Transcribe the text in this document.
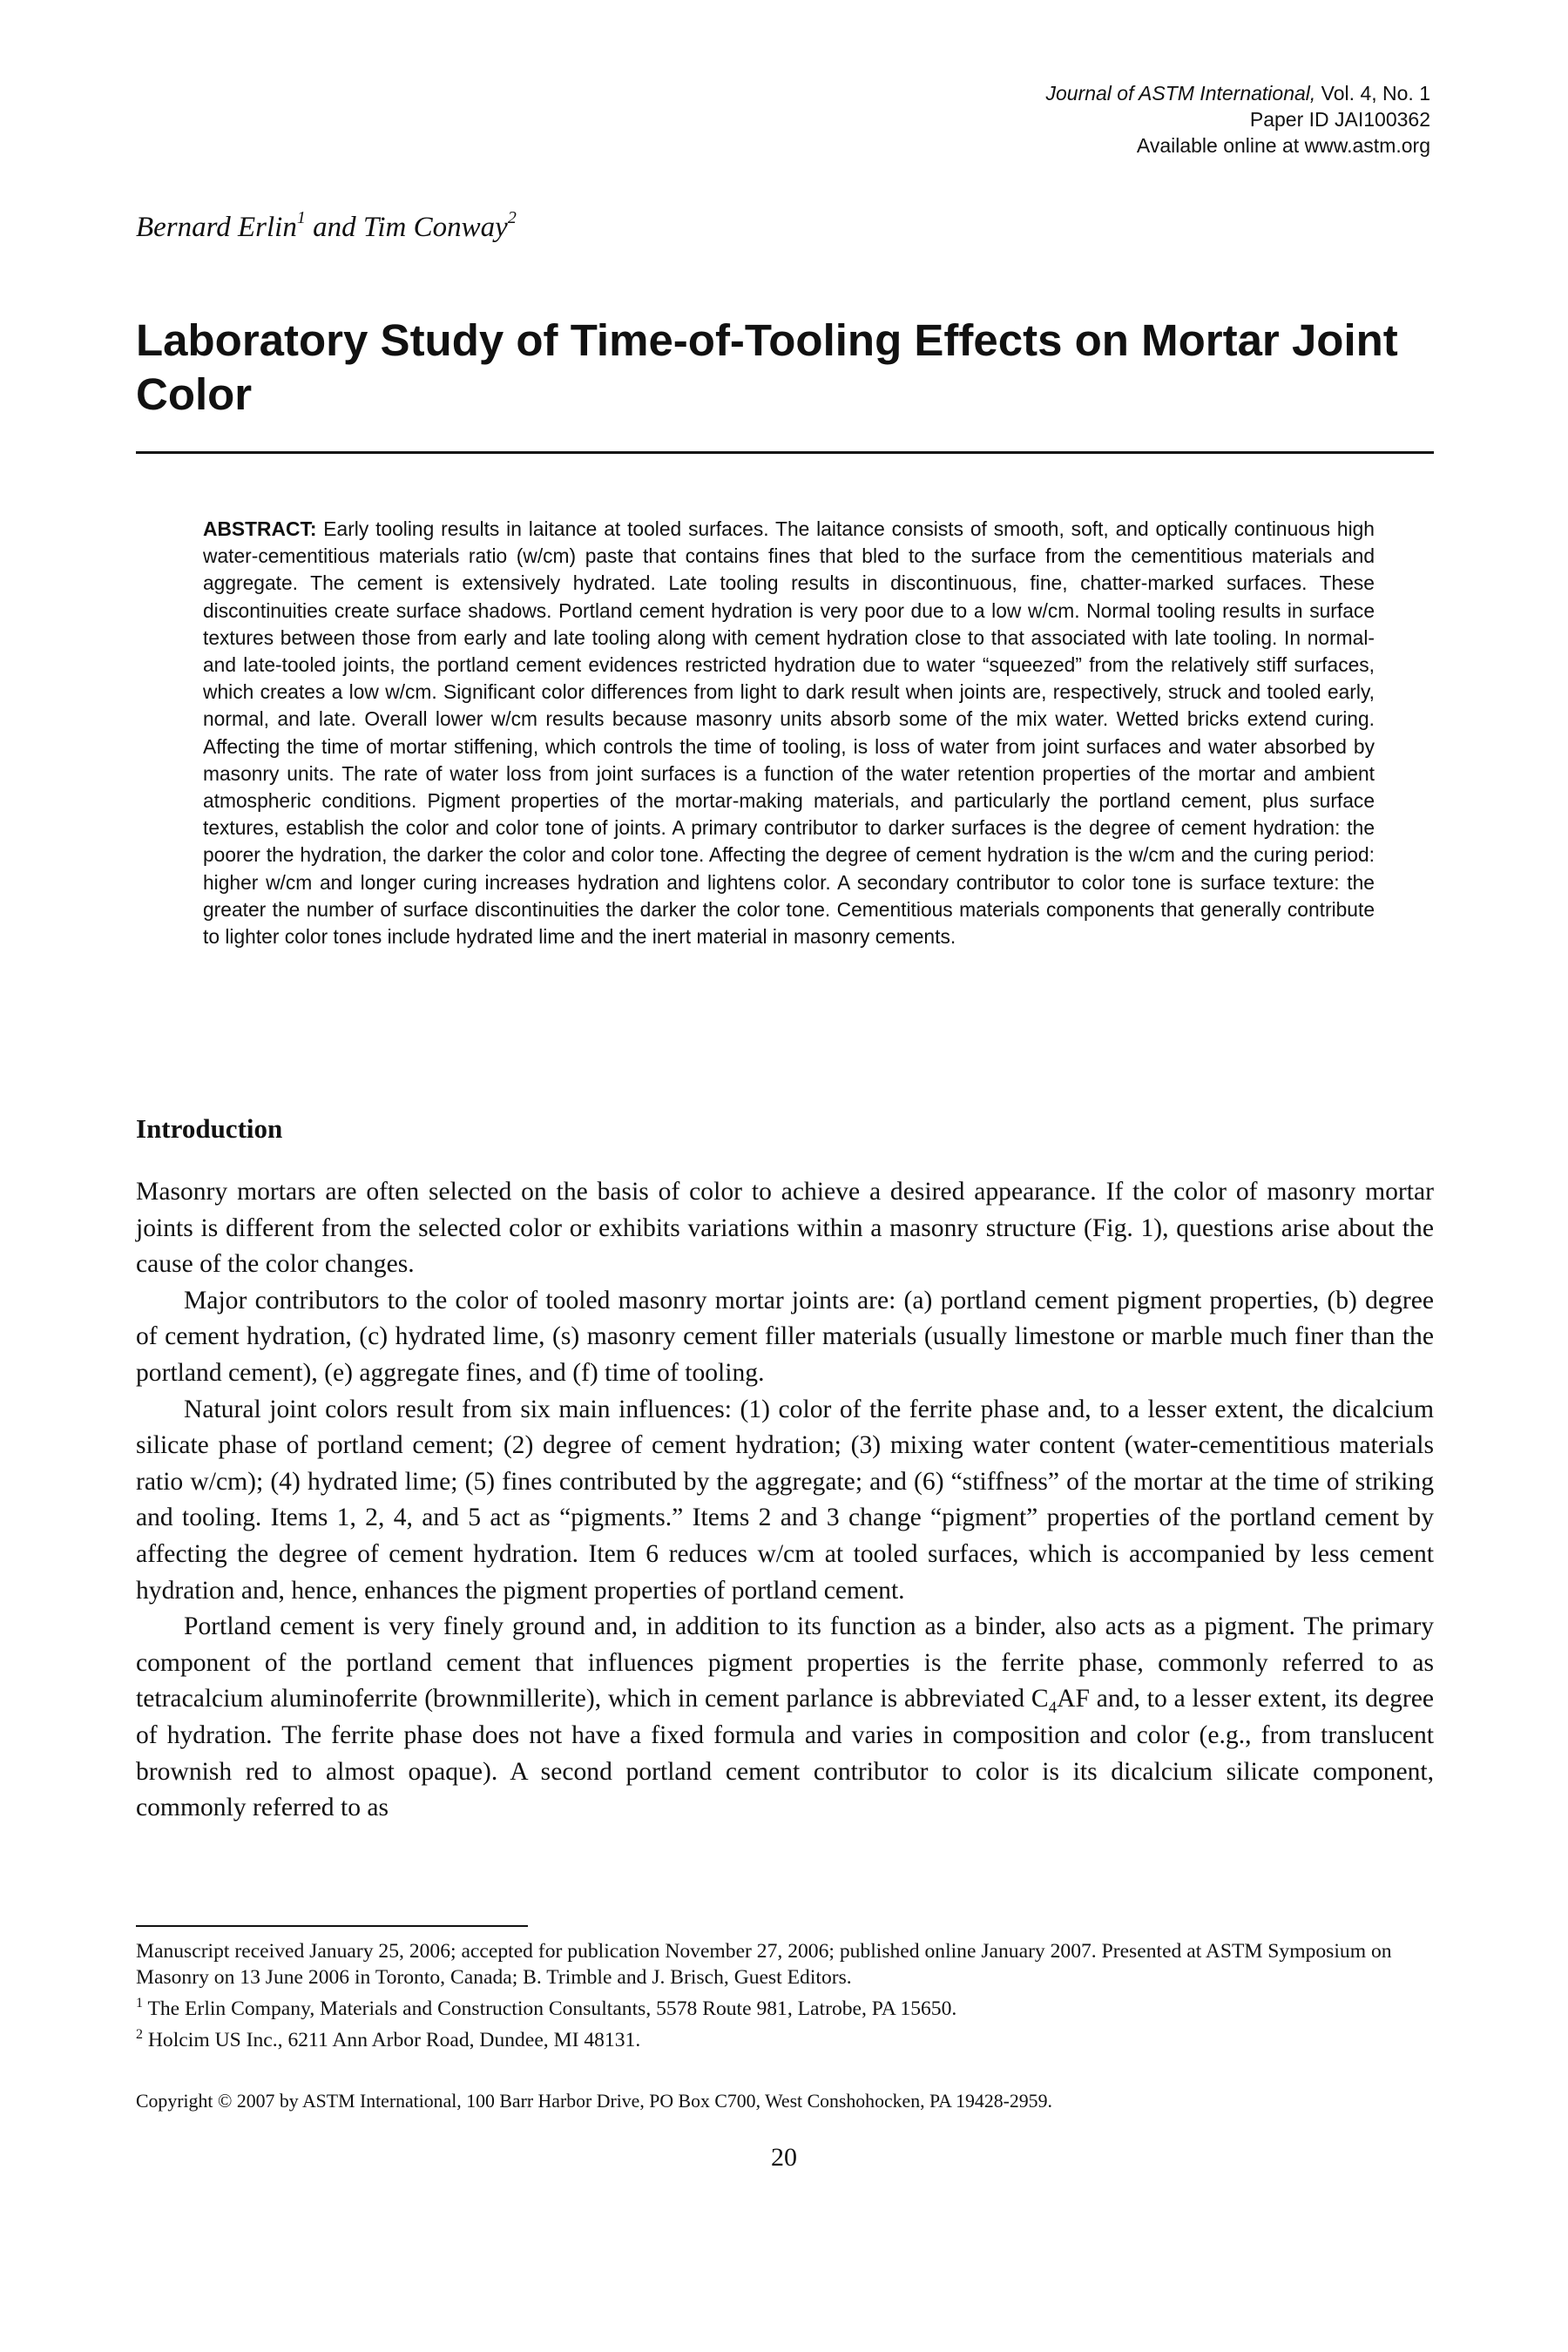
Journal of ASTM International, Vol. 4, No. 1
Paper ID JAI100362
Available online at www.astm.org
Bernard Erlin$^1$ and Tim Conway$^2$
Laboratory Study of Time-of-Tooling Effects on Mortar Joint Color

ABSTRACT: Early tooling results in laitance at tooled surfaces. The laitance consists of smooth, soft, and optically continuous high water-cementitious materials ratio (w/cm) paste that contains fines that bled to the surface from the cementitious materials and aggregate. The cement is extensively hydrated. Late tooling results in discontinuous, fine, chatter-marked surfaces. These discontinuities create surface shadows. Portland cement hydration is very poor due to a low w/cm. Normal tooling results in surface textures between those from early and late tooling along with cement hydration close to that associated with late tooling. In normal- and late-tooled joints, the portland cement evidences restricted hydration due to water “squeezed” from the relatively stiff surfaces, which creates a low w/cm. Significant color differences from light to dark result when joints are, respectively, struck and tooled early, normal, and late. Overall lower w/cm results because masonry units absorb some of the mix water. Wetted bricks extend curing. Affecting the time of mortar stiffening, which controls the time of tooling, is loss of water from joint surfaces and water absorbed by masonry units. The rate of water loss from joint surfaces is a function of the water retention properties of the mortar and ambient atmospheric conditions. Pigment properties of the mortar-making materials, and particularly the portland cement, plus surface textures, establish the color and color tone of joints. A primary contributor to darker surfaces is the degree of cement hydration: the poorer the hydration, the darker the color and color tone. Affecting the degree of cement hydration is the w/cm and the curing period: higher w/cm and longer curing increases hydration and lightens color. A secondary contributor to color tone is surface texture: the greater the number of surface discontinuities the darker the color tone. Cementitious materials components that generally contribute to lighter color tones include hydrated lime and the inert material in masonry cements.

Introduction

Masonry mortars are often selected on the basis of color to achieve a desired appearance. If the color of masonry mortar joints is different from the selected color or exhibits variations within a masonry structure (Fig. 1), questions arise about the cause of the color changes.

Major contributors to the color of tooled masonry mortar joints are: (a) portland cement pigment properties, (b) degree of cement hydration, (c) hydrated lime, (s) masonry cement filler materials (usually limestone or marble much finer than the portland cement), (e) aggregate fines, and (f) time of tooling.

Natural joint colors result from six main influences: (1) color of the ferrite phase and, to a lesser extent, the dicalcium silicate phase of portland cement; (2) degree of cement hydration; (3) mixing water content (water-cementitious materials ratio w/cm); (4) hydrated lime; (5) fines contributed by the aggregate; and (6) “stiffness” of the mortar at the time of striking and tooling. Items 1, 2, 4, and 5 act as “pigments.” Items 2 and 3 change “pigment” properties of the portland cement by affecting the degree of cement hydration. Item 6 reduces w/cm at tooled surfaces, which is accompanied by less cement hydration and, hence, enhances the pigment properties of portland cement.

Portland cement is very finely ground and, in addition to its function as a binder, also acts as a pigment. The primary component of the portland cement that influences pigment properties is the ferrite phase, commonly referred to as tetracalcium aluminoferrite (brownmillerite), which in cement parlance is abbreviated $C_4AF$ and, to a lesser extent, its degree of hydration. The ferrite phase does not have a fixed formula and varies in composition and color (e.g., from translucent brownish red to almost opaque). A second portland cement contributor to color is its dicalcium silicate component, commonly referred to as

Manuscript received January 25, 2006; accepted for publication November 27, 2006; published online January 2007. Presented at ASTM Symposium on Masonry on 13 June 2006 in Toronto, Canada; B. Trimble and J. Brisch, Guest Editors.

$^1$ The Erlin Company, Materials and Construction Consultants, 5578 Route 981, Latrobe, PA 15650.

$^2$ Holcim US Inc., 6211 Ann Arbor Road, Dundee, MI 48131.

Copyright © 2007 by ASTM International, 100 Barr Harbor Drive, PO Box C700, West Conshohocken, PA 19428-2959.
20
